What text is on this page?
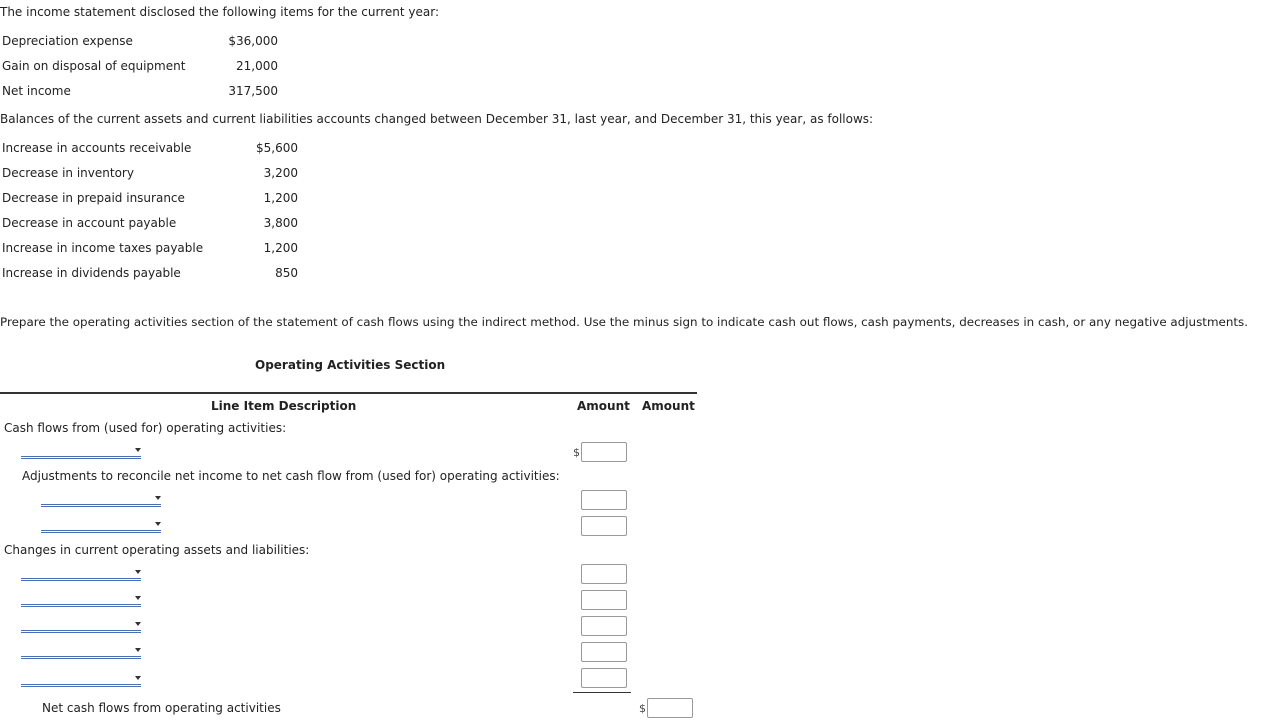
The income statement disclosed the following items for the current year:
Depreciation expense	$36,000
Gain on disposal of equipment	21,000
Net income	317,500
Balances of the current assets and current liabilities accounts changed between December 31, last year, and December 31, this year, as follows:
Increase in accounts receivable	$5,600
Decrease in inventory	3,200
Decrease in prepaid insurance	1,200
Decrease in account payable	3,800
Increase in income taxes payable	1,200
Increase in dividends payable	850
Prepare the operating activities section of the statement of cash flows using the indirect method. Use the minus sign to indicate cash out flows, cash payments, decreases in cash, or any negative adjustments.
Operating Activities Section
Line Item Description	Amount Amount
Cash flows from (used for) operating activities:
$
Adjustments to reconcile net income to net cash flow from (used for) operating activities:
Changes in current operating assets and liabilities:
Net cash flows from operating activities	$
